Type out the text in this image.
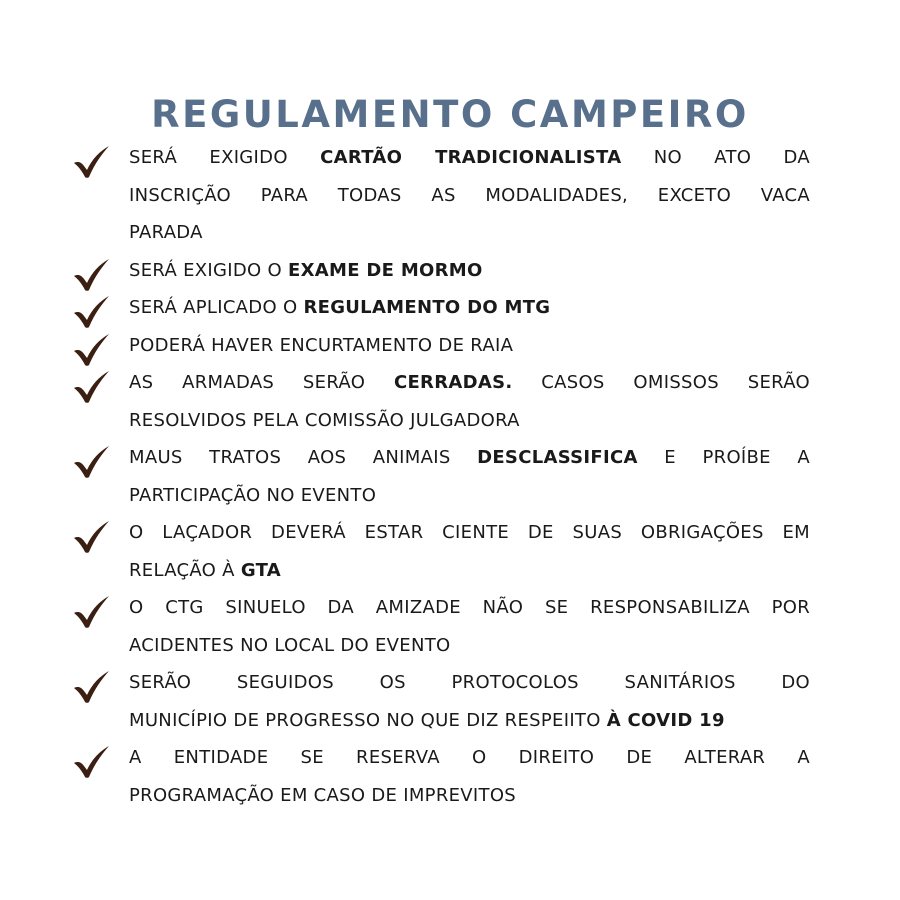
REGULAMENTO CAMPEIRO
SERÁ EXIGIDO CARTÃO TRADICIONALISTA NO ATO DA
INSCRIÇÃO PARA TODAS AS MODALIDADES, EXCETO VACA
PARADA
SERÁ EXIGIDO O EXAME DE MORMO
SERÁ APLICADO O REGULAMENTO DO MTG
PODERÁ HAVER ENCURTAMENTO DE RAIA
AS ARMADAS SERÃO CERRADAS. CASOS OMISSOS SERÃO
RESOLVIDOS PELA COMISSÃO JULGADORA
MAUS TRATOS AOS ANIMAIS DESCLASSIFICA E PROÍBE A
PARTICIPAÇÃO NO EVENTO
O LAÇADOR DEVERÁ ESTAR CIENTE DE SUAS OBRIGAÇÕES EM
RELAÇÃO À GTA
O CTG SINUELO DA AMIZADE NÃO SE RESPONSABILIZA POR
ACIDENTES NO LOCAL DO EVENTO
SERÃO SEGUIDOS OS PROTOCOLOS SANITÁRIOS DO
MUNICÍPIO DE PROGRESSO NO QUE DIZ RESPEIITO À COVID 19
A ENTIDADE SE RESERVA O DIREITO DE ALTERAR A
PROGRAMAÇÃO EM CASO DE IMPREVITOS
